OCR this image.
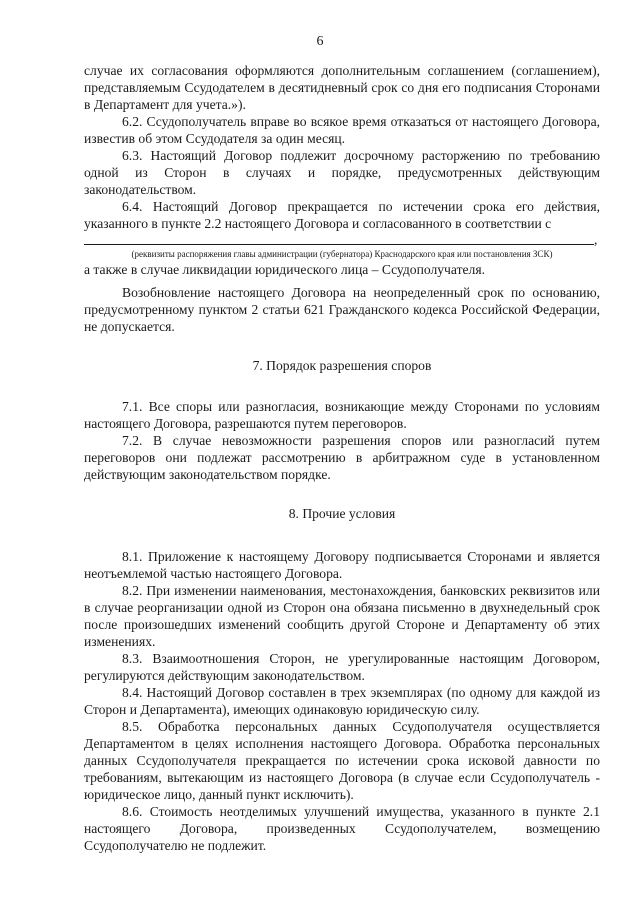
6

случае их согласования оформляются дополнительным соглашением (соглашением), представляемым Ссудодателем в десятидневный срок со дня его подписания Сторонами в Департамент для учета.»).

6.2. Ссудополучатель вправе во всякое время отказаться от настоящего Договора, известив об этом Ссудодателя за один месяц.

6.3. Настоящий Договор подлежит досрочному расторжению по требованию одной из Сторон в случаях и порядке, предусмотренных действующим законодательством.

6.4. Настоящий Договор прекращается по истечении срока его действия, указанного в пункте 2.2 настоящего Договора и согласованного в соответствии с

,
(реквизиты распоряжения главы администрации (губернатора) Краснодарского края или постановления ЗСК)

а также в случае ликвидации юридического лица – Ссудополучателя.

Возобновление настоящего Договора на неопределенный срок по основанию, предусмотренному пунктом 2 статьи 621 Гражданского кодекса Российской Федерации, не допускается.

7. Порядок разрешения споров

7.1. Все споры или разногласия, возникающие между Сторонами по условиям настоящего Договора, разрешаются путем переговоров.

7.2. В случае невозможности разрешения споров или разногласий путем переговоров они подлежат рассмотрению в арбитражном суде в установленном действующим законодательством порядке.

8. Прочие условия

8.1. Приложение к настоящему Договору подписывается Сторонами и является неотъемлемой частью настоящего Договора.

8.2. При изменении наименования, местонахождения, банковских реквизитов или в случае реорганизации одной из Сторон она обязана письменно в двухнедельный срок после произошедших изменений сообщить другой Стороне и Департаменту об этих изменениях.

8.3. Взаимоотношения Сторон, не урегулированные настоящим Договором, регулируются действующим законодательством.

8.4. Настоящий Договор составлен в трех экземплярах (по одному для каждой из Сторон и Департамента), имеющих одинаковую юридическую силу.

8.5. Обработка персональных данных Ссудополучателя осуществляется Департаментом в целях исполнения настоящего Договора. Обработка персональных данных Ссудополучателя прекращается по истечении срока исковой давности по требованиям, вытекающим из настоящего Договора (в случае если Ссудополучатель - юридическое лицо, данный пункт исключить).

8.6. Стоимость неотделимых улучшений имущества, указанного в пункте 2.1 настоящего Договора, произведенных Ссудополучателем, возмещению Ссудополучателю не подлежит.
